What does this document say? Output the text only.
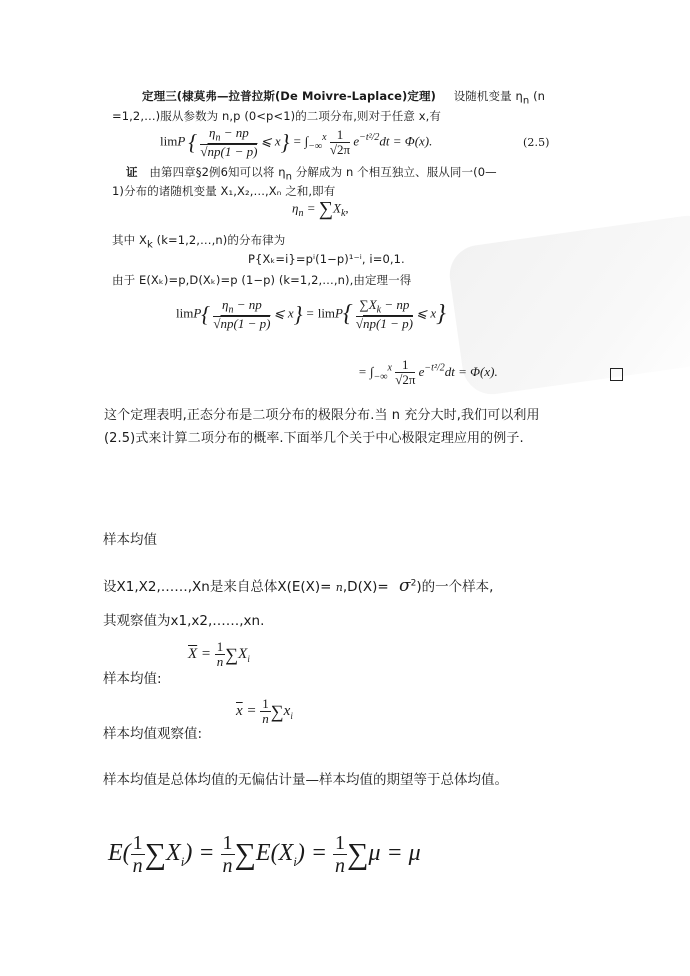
定理三(棣莫弗—拉普拉斯(De Moivre-Laplace)定理) 设随机变量 $\eta_n$ (n
=1,2,…)服从参数为 n,p (0<p<1)的二项分布,则对于任意 x,有
limP { $\frac{\eta_n - np}{√np(1 - p)}$ ⩽ $x\} = \int_{-\infty}^x \frac{1}{√2\pi} e^{-t^2/2}dt = \Phi(x)$.	(2.5)
证 由第四章§2例6知可以将 $\eta_n$ 分解成为 n 个相互独立、服从同一(0—
1)分布的诸随机变量 X₁,X₂,…,Xₙ 之和,即有
$\eta_n = \sum X_k$,
其中 $X_k$ (k=1,2,…,n)的分布律为
P{Xₖ=i}=pⁱ(1−p)¹⁻ⁱ, i=0,1.
由于 E(Xₖ)=p,D(Xₖ)=p (1−p) (k=1,2,…,n),由定理一得
$\lim P\{ \frac{\eta_n - np}{√np(1 - p)}$ ⩽ $x\} = \lim P\{ \frac{\sum X_k - np}{√np(1 - p)}$ ⩽ x}
= $\int_{-\infty}^x \frac{1}{√2\pi} e^{-t^2/2}dt = \Phi(x)$.
这个定理表明,正态分布是二项分布的极限分布.当 n 充分大时,我们可以利用
(2.5)式来计算二项分布的概率.下面举几个关于中心极限定理应用的例子.
样本均值
设X1,X2,……,Xn是来自总体$X(E(X)= n,D(X)= \sigma^2)$的一个样本,
其观察值为x1,x2,……,xn.
样本均值:
$\overline{X} = \frac{1}{n} \sum X_i$
样本均值观察值:
$\overline{x} = \frac{1}{n} \sum x_i$
样本均值是总体均值的无偏估计量—样本均值的期望等于总体均值。
$E( \frac{1}{n} \sum X_i) = \frac{1}{n} \sum E(X_i) = \frac{1}{n} \sum\mu = \mu$
